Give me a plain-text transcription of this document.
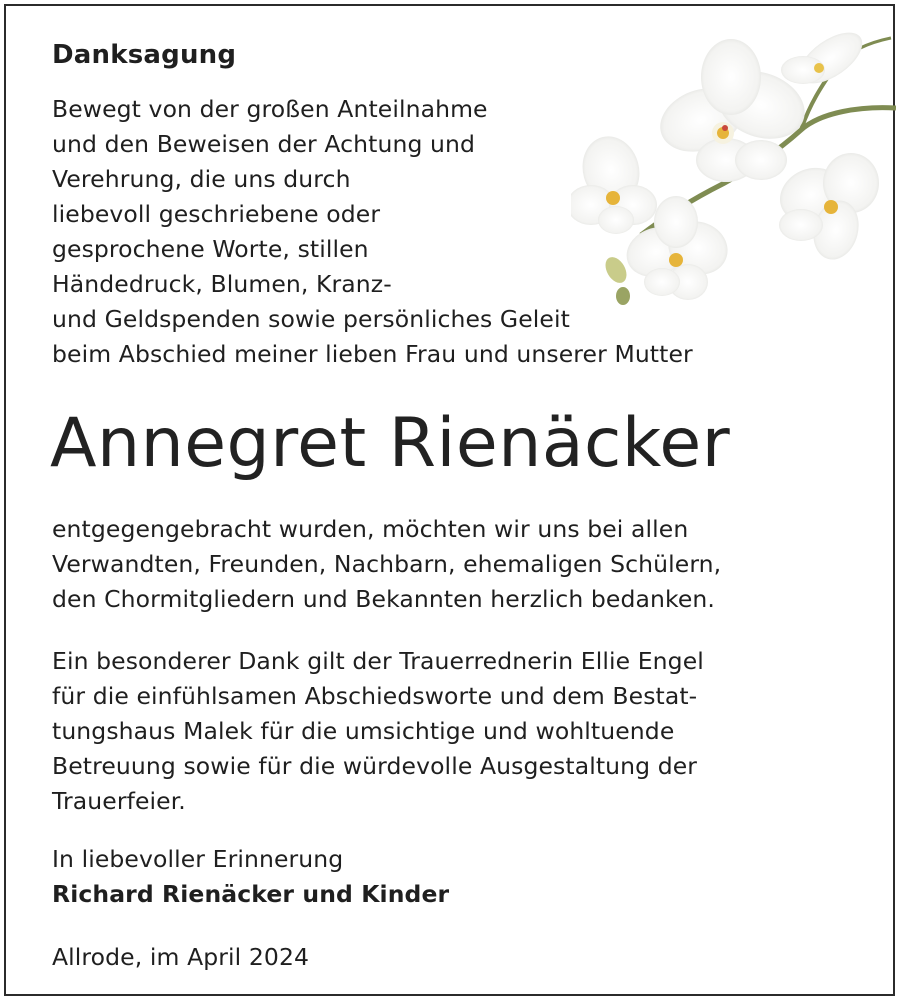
Danksagung
Bewegt von der großen Anteilnahme
und den Beweisen der Achtung und
Verehrung, die uns durch
liebevoll geschriebene oder
gesprochene Worte, stillen
Händedruck, Blumen, Kranz-
und Geldspenden sowie persönliches Geleit
beim Abschied meiner lieben Frau und unserer Mutter
Annegret Rienäcker
entgegengebracht wurden, möchten wir uns bei allen
Verwandten, Freunden, Nachbarn, ehemaligen Schülern,
den Chormitgliedern und Bekannten herzlich bedanken.
Ein besonderer Dank gilt der Trauerrednerin Ellie Engel
für die einfühlsamen Abschiedsworte und dem Bestat-
tungshaus Malek für die umsichtige und wohltuende
Betreuung sowie für die würdevolle Ausgestaltung der
Trauerfeier.
In liebevoller Erinnerung
Richard Rienäcker und Kinder
Allrode, im April 2024
